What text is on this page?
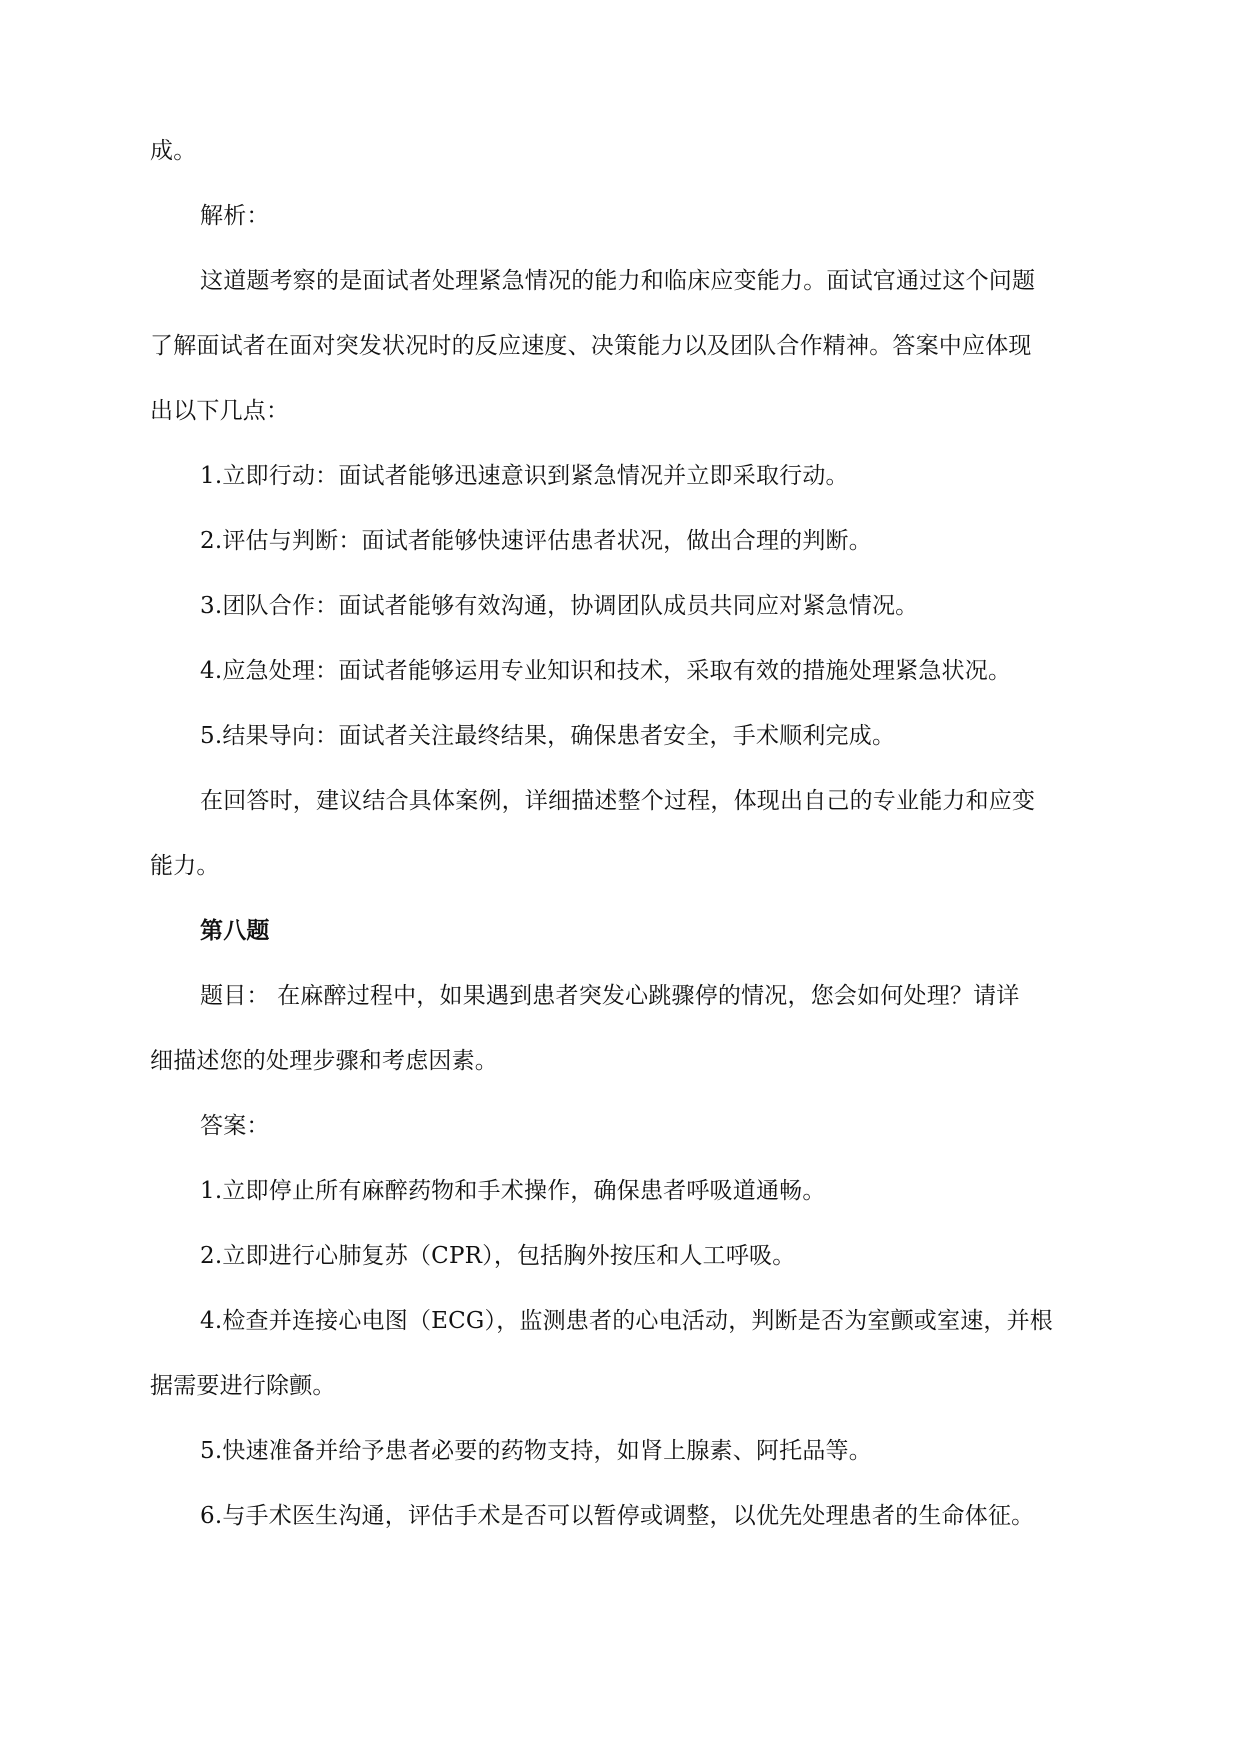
成。
解析：
这道题考察的是面试者处理紧急情况的能力和临床应变能力。面试官通过这个问题
了解面试者在面对突发状况时的反应速度、决策能力以及团队合作精神。答案中应体现
出以下几点：
1.立即行动：面试者能够迅速意识到紧急情况并立即采取行动。
2.评估与判断：面试者能够快速评估患者状况，做出合理的判断。
3.团队合作：面试者能够有效沟通，协调团队成员共同应对紧急情况。
4.应急处理：面试者能够运用专业知识和技术，采取有效的措施处理紧急状况。
5.结果导向：面试者关注最终结果，确保患者安全，手术顺利完成。
在回答时，建议结合具体案例，详细描述整个过程，体现出自己的专业能力和应变
能力。
第八题
题目： 在麻醉过程中，如果遇到患者突发心跳骤停的情况，您会如何处理？请详
细描述您的处理步骤和考虑因素。
答案：
1.立即停止所有麻醉药物和手术操作，确保患者呼吸道通畅。
2.立即进行心肺复苏（CPR），包括胸外按压和人工呼吸。
4.检查并连接心电图（ECG），监测患者的心电活动，判断是否为室颤或室速，并根
据需要进行除颤。
5.快速准备并给予患者必要的药物支持，如肾上腺素、阿托品等。
6.与手术医生沟通，评估手术是否可以暂停或调整，以优先处理患者的生命体征。
